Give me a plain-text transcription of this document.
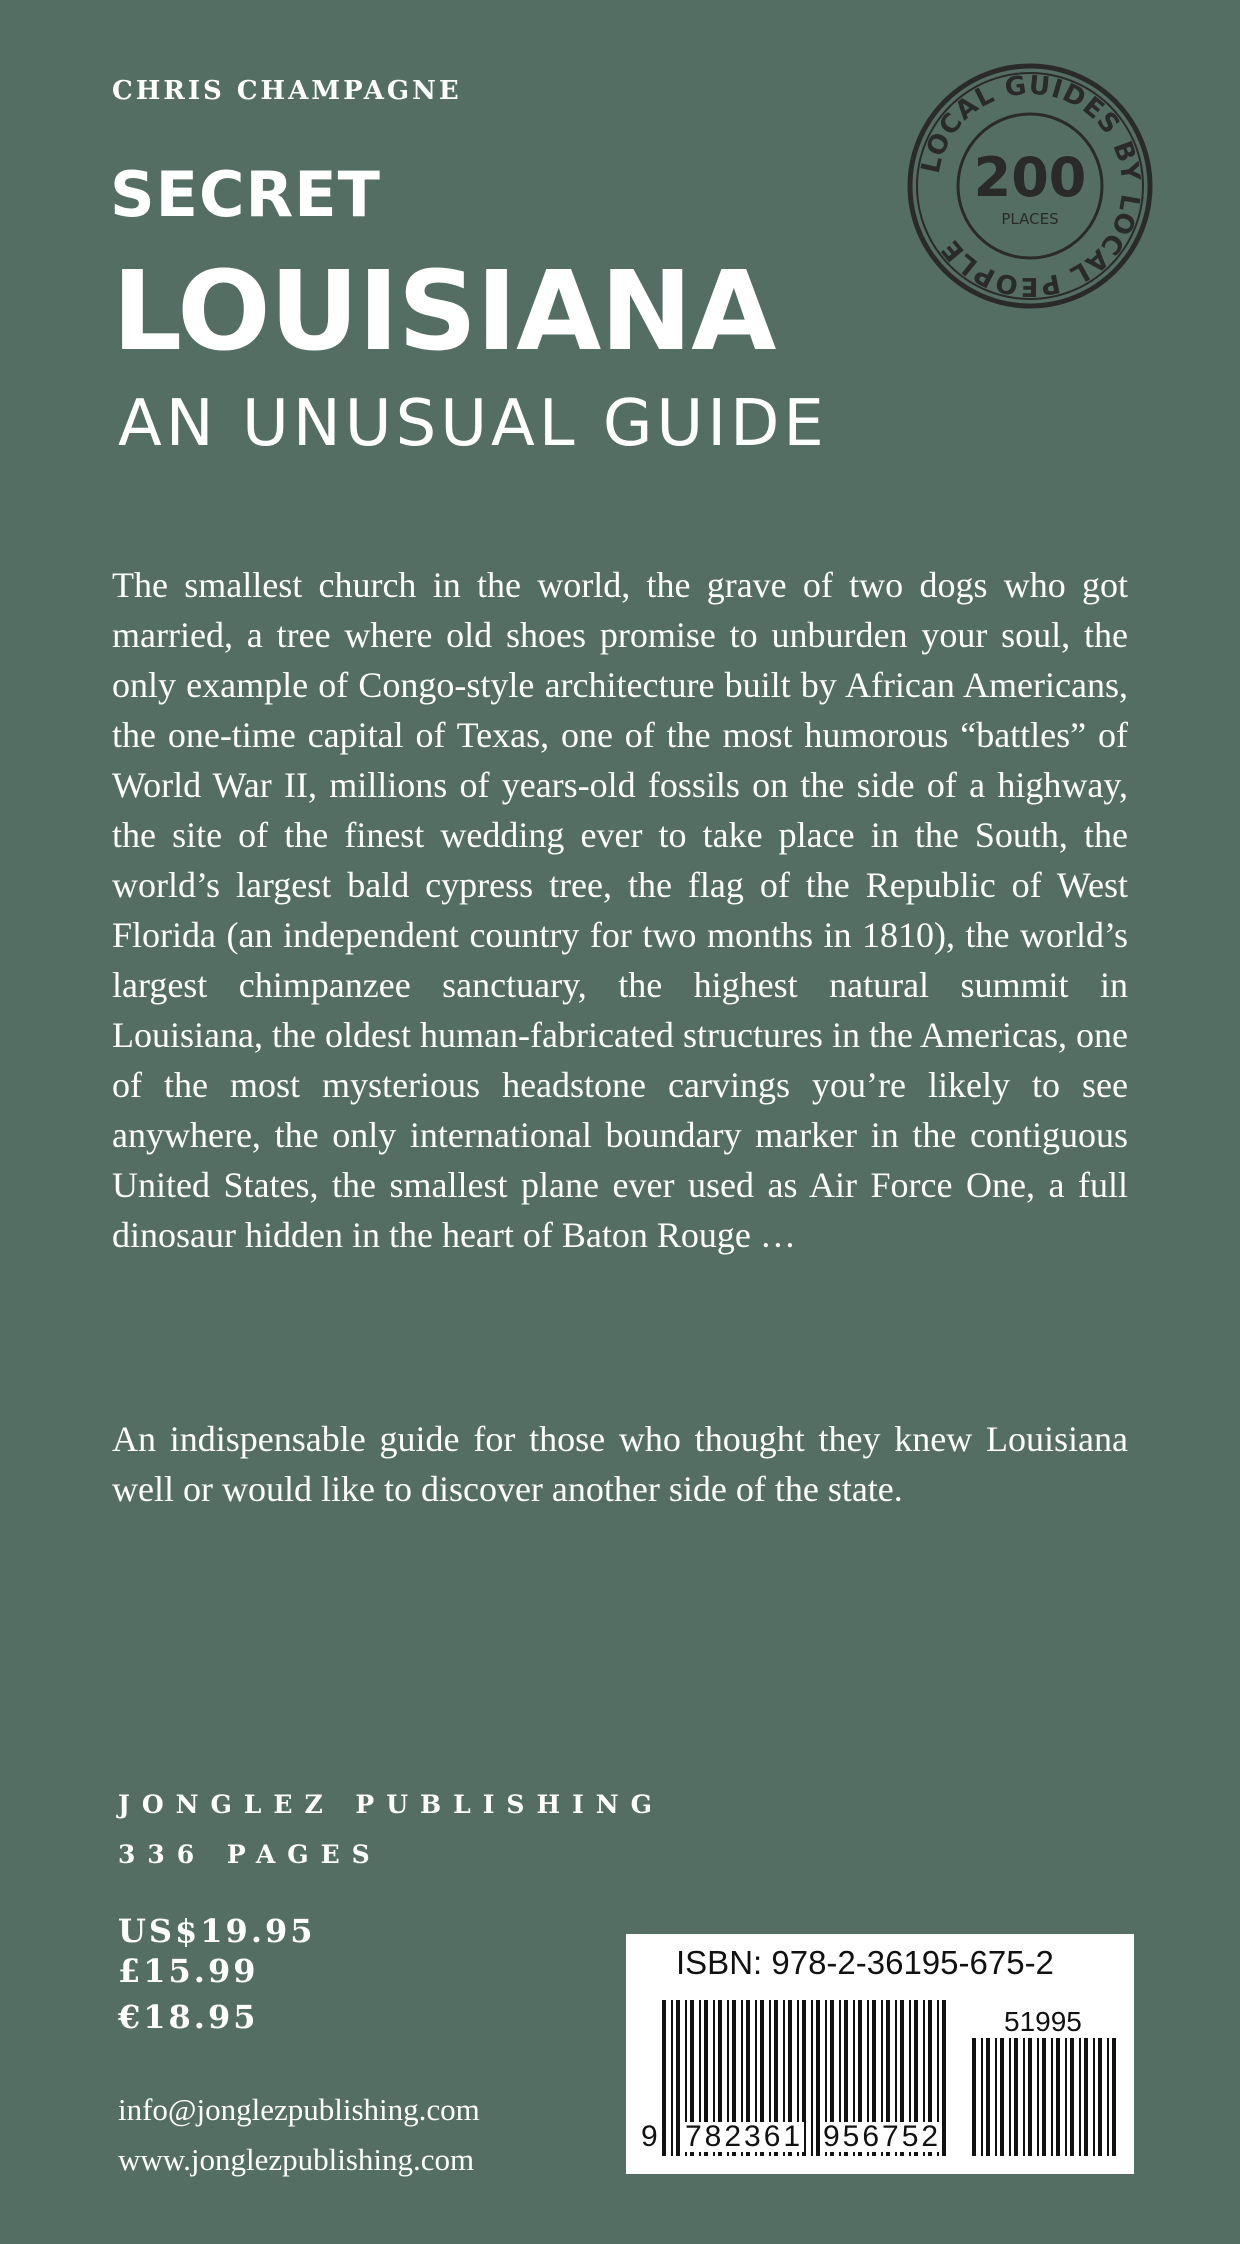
CHRIS CHAMPAGNE
SECRET
LOUISIANA
AN UNUSUAL GUIDE
LOCAL GUIDES BY LOCAL PEOPLE
200
PLACES

The smallest church in the world, the grave of two dogs who got married, a tree where old shoes promise to unburden your soul, the only example of Congo-style architecture built by African Americans, the one-time capital of Texas, one of the most humorous “battles” of World War II, millions of years-old fossils on the side of a highway, the site of the finest wedding ever to take place in the South, the world’s largest bald cypress tree, the flag of the Republic of West Florida (an independent country for two months in 1810), the world’s largest chimpanzee sanctuary, the highest natural summit in Louisiana, the oldest human-fabricated structures in the Americas, one of the most mysterious headstone carvings you’re likely to see anywhere, the only international boundary marker in the contiguous United States, the smallest plane ever used as Air Force One, a full dinosaur hidden in the heart of Baton Rouge …

An indispensable guide for those who thought they knew Louisiana well or would like to discover another side of the state.

JONGLEZ PUBLISHING
336 PAGES
US$19.95
£15.99
€18.95
info@jonglezpublishing.com
www.jonglezpublishing.com
ISBN: 978-2-36195-675-2
51995
9 782361 956752
